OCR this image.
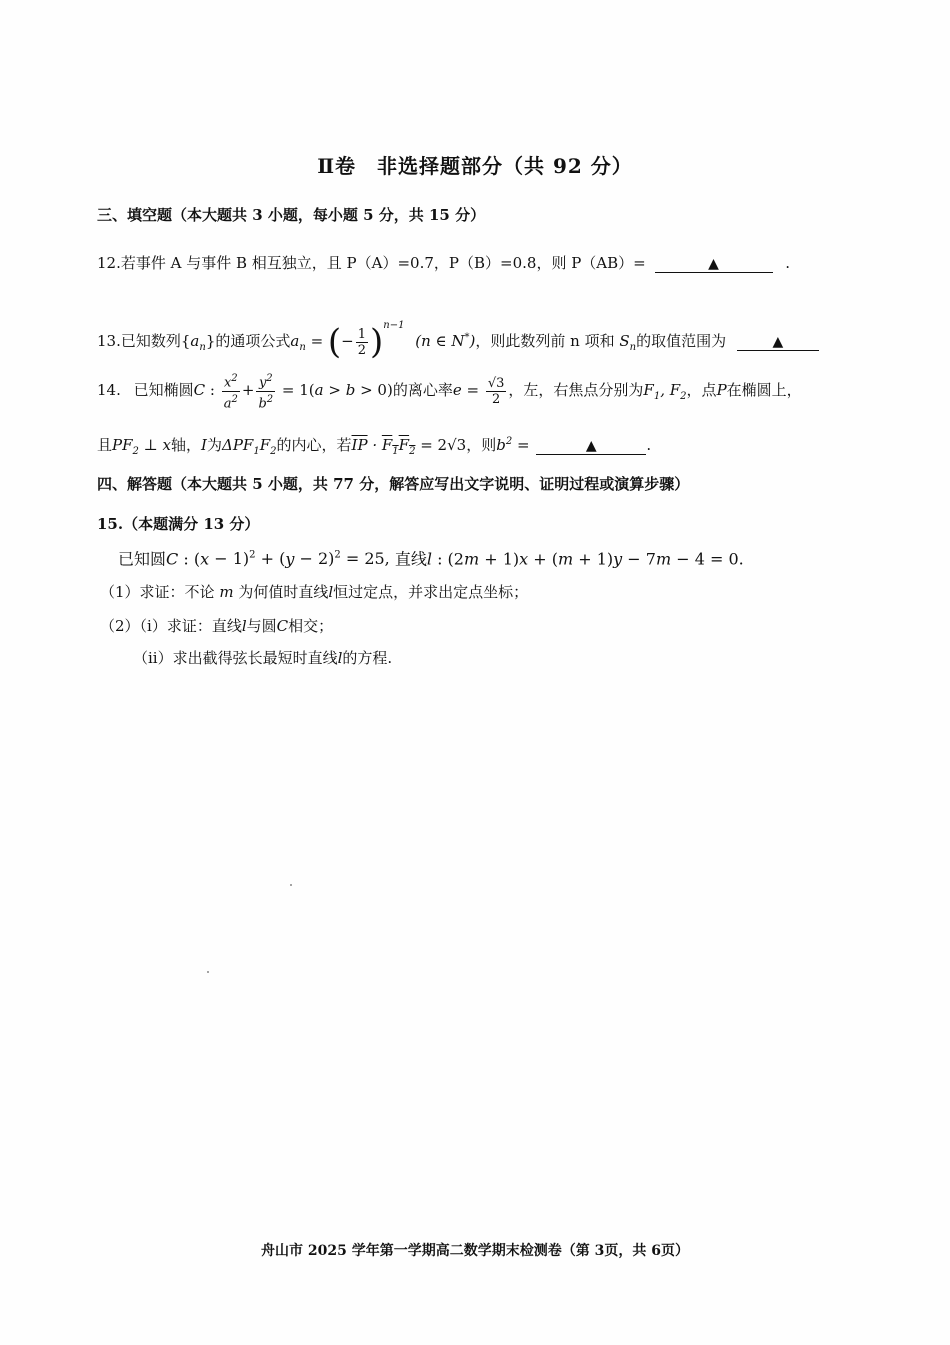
Ⅱ卷　非选择题部分（共 92 分）
三、填空题（本大题共 3 小题，每小题 5 分，共 15 分）
12.若事件 A 与事件 B 相互独立，且 P（A）=0.7，P（B）=0.8，则 P（AB）=	▲	.
13.已知数列$\{a_n\}$的通项公式$a_n$ = (− $\frac{1}{2} )^{n-1}$ (n ∈ N*)，则此数列前 n 项和 $S_n$的取值范围为	▲
14. 已知椭圆C : $\frac{x^2}{a^2} + \frac{y^2}{b^2} = 1(a > b > 0)$的离心率$e = \frac{√3}{2}$ ，左，右焦点分别为$F_1$, $F_2$，点P在椭圆上，
且$PF_2$ ⊥ x轴，I为$\Delta PF_1F_2$的内心，若$\overline{IP} \cdot F_1F_2 = 2√3$，则$b^2$ =	▲	.
四、解答题（本大题共 5 小题，共 77 分，解答应写出文字说明、证明过程或演算步骤）
15.（本题满分 13 分）
已知圆C : $(x - 1)^2 + (y - 2)^2 = 25$, 直线l : (2m + 1)x + (m + 1)y − 7m − 4 = 0.
（1）求证：不论 m 为何值时直线l恒过定点，并求出定点坐标；
（2）（i）求证：直线l与圆C相交；
（ii）求出截得弦长最短时直线l的方程.
舟山市 2025 学年第一学期高二数学期末检测卷（第 3页，共 6页）
